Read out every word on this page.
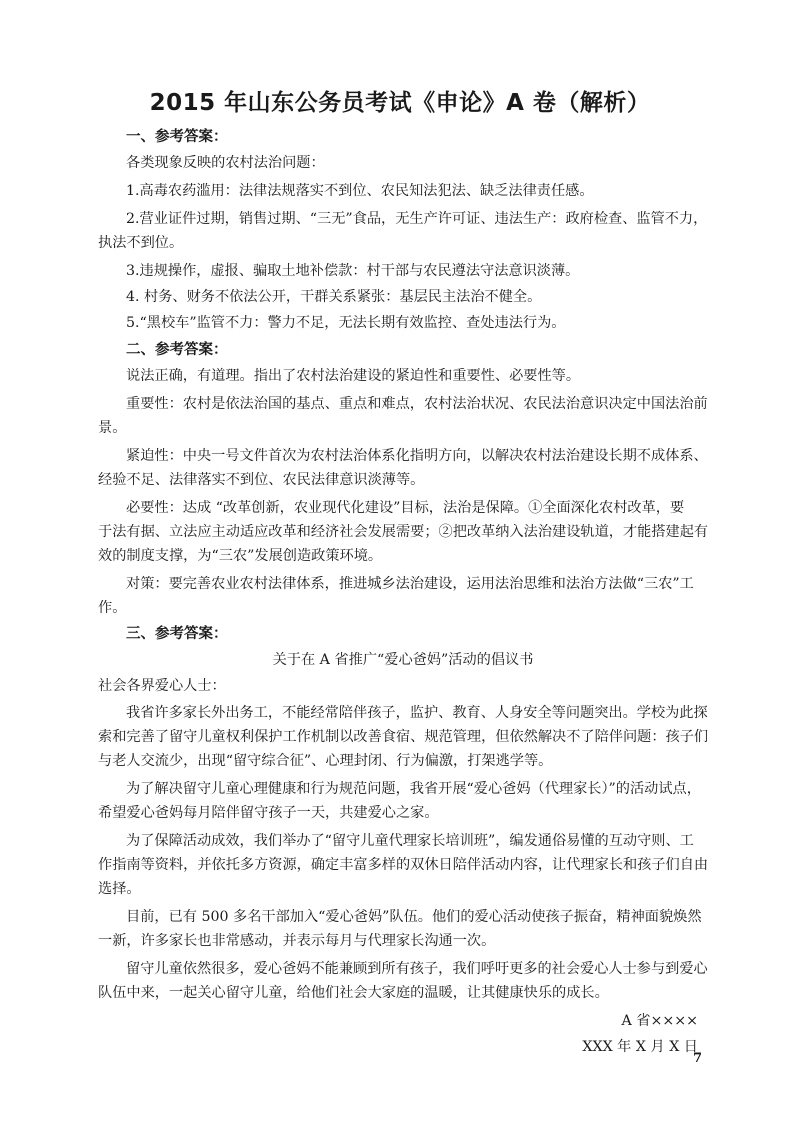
2015 年山东公务员考试《申论》A 卷（解析）
一、参考答案：
各类现象反映的农村法治问题：
1.高毒农药滥用：法律法规落实不到位、农民知法犯法、缺乏法律责任感。
2.营业证件过期，销售过期、“三无”食品，无生产许可证、违法生产：政府检查、监管不力，
执法不到位。
3.违规操作，虚报、骗取土地补偿款：村干部与农民遵法守法意识淡薄。
4. 村务、财务不依法公开，干群关系紧张：基层民主法治不健全。
5.“黑校车”监管不力：警力不足，无法长期有效监控、查处违法行为。
二、参考答案：
说法正确，有道理。指出了农村法治建设的紧迫性和重要性、必要性等。
重要性：农村是依法治国的基点、重点和难点，农村法治状况、农民法治意识决定中国法治前
景。
紧迫性：中央一号文件首次为农村法治体系化指明方向，以解决农村法治建设长期不成体系、
经验不足、法律落实不到位、农民法律意识淡薄等。
必要性：达成 “改革创新，农业现代化建设”目标，法治是保障。①全面深化农村改革，要
于法有据、立法应主动适应改革和经济社会发展需要；②把改革纳入法治建设轨道，才能搭建起有
效的制度支撑，为“三农”发展创造政策环境。
对策：要完善农业农村法律体系，推进城乡法治建设，运用法治思维和法治方法做“三农”工
作。
三、参考答案：
关于在 A 省推广“爱心爸妈”活动的倡议书
社会各界爱心人士：
我省许多家长外出务工，不能经常陪伴孩子，监护、教育、人身安全等问题突出。学校为此探
索和完善了留守儿童权利保护工作机制以改善食宿、规范管理，但依然解决不了陪伴问题：孩子们
与老人交流少，出现“留守综合征”、心理封闭、行为偏激，打架逃学等。
为了解决留守儿童心理健康和行为规范问题，我省开展“爱心爸妈（代理家长）”的活动试点，
希望爱心爸妈每月陪伴留守孩子一天，共建爱心之家。
为了保障活动成效，我们举办了“留守儿童代理家长培训班”，编发通俗易懂的互动守则、工
作指南等资料，并依托多方资源，确定丰富多样的双休日陪伴活动内容，让代理家长和孩子们自由
选择。
目前，已有 500 多名干部加入“爱心爸妈”队伍。他们的爱心活动使孩子振奋，精神面貌焕然
一新，许多家长也非常感动，并表示每月与代理家长沟通一次。
留守儿童依然很多，爱心爸妈不能兼顾到所有孩子，我们呼吁更多的社会爱心人士参与到爱心
队伍中来，一起关心留守儿童，给他们社会大家庭的温暖，让其健康快乐的成长。
A 省××××
XXX 年 X 月 X 日
7
